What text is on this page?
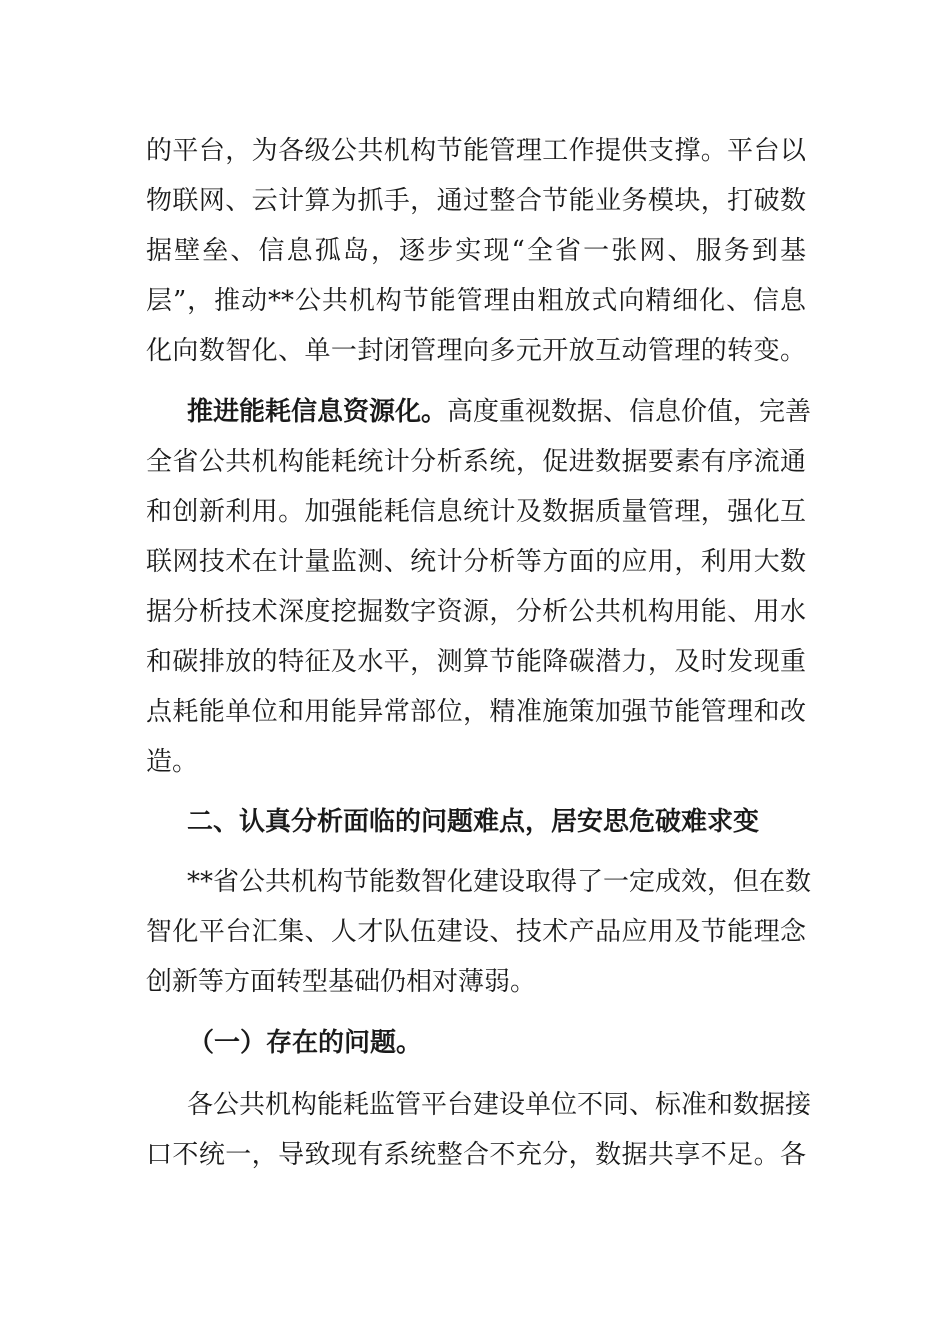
的平台，为各级公共机构节能管理工作提供支撑。平台以
物联网、云计算为抓手，通过整合节能业务模块，打破数
据壁垒、信息孤岛，逐步实现“全省一张网、服务到基
层”，推动**公共机构节能管理由粗放式向精细化、信息
化向数智化、单一封闭管理向多元开放互动管理的转变。
推进能耗信息资源化。高度重视数据、信息价值，完善
全省公共机构能耗统计分析系统，促进数据要素有序流通
和创新利用。加强能耗信息统计及数据质量管理，强化互
联网技术在计量监测、统计分析等方面的应用，利用大数
据分析技术深度挖掘数字资源，分析公共机构用能、用水
和碳排放的特征及水平，测算节能降碳潜力，及时发现重
点耗能单位和用能异常部位，精准施策加强节能管理和改
造。
二、认真分析面临的问题难点，居安思危破难求变
**省公共机构节能数智化建设取得了一定成效，但在数
智化平台汇集、人才队伍建设、技术产品应用及节能理念
创新等方面转型基础仍相对薄弱。
（一）存在的问题。
各公共机构能耗监管平台建设单位不同、标准和数据接
口不统一，导致现有系统整合不充分，数据共享不足。各
